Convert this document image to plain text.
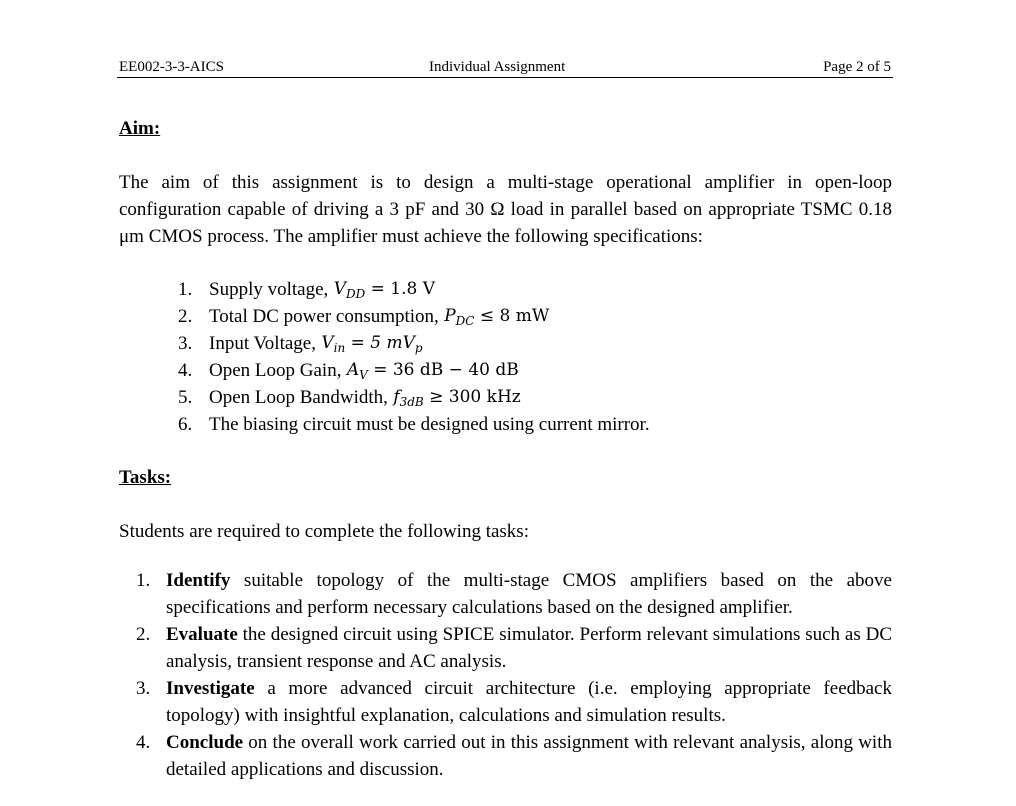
EE002-3-3-AICS	Individual Assignment	Page 2 of 5
Aim:
The aim of this assignment is to design a multi-stage operational amplifier in open-loop configuration capable of driving a 3 pF and 30 Ω load in parallel based on appropriate TSMC 0.18 μm CMOS process. The amplifier must achieve the following specifications:
1. Supply voltage, $V_{DD} = 1.8$ V
2. Total DC power consumption, $P_{DC} \le 8$ mW
3. Input Voltage, $V_{in} = 5$ $mV_p$
4. Open Loop Gain, $A_V = 36$ dB − 40 dB
5. Open Loop Bandwidth, $f_{3dB} \ge 300$ kHz
6. The biasing circuit must be designed using current mirror.
Tasks:
Students are required to complete the following tasks:
1. Identify suitable topology of the multi-stage CMOS amplifiers based on the above specifications and perform necessary calculations based on the designed amplifier.
2. Evaluate the designed circuit using SPICE simulator. Perform relevant simulations such as DC analysis, transient response and AC analysis.
3. Investigate a more advanced circuit architecture (i.e. employing appropriate feedback topology) with insightful explanation, calculations and simulation results.
4. Conclude on the overall work carried out in this assignment with relevant analysis, along with detailed applications and discussion.
